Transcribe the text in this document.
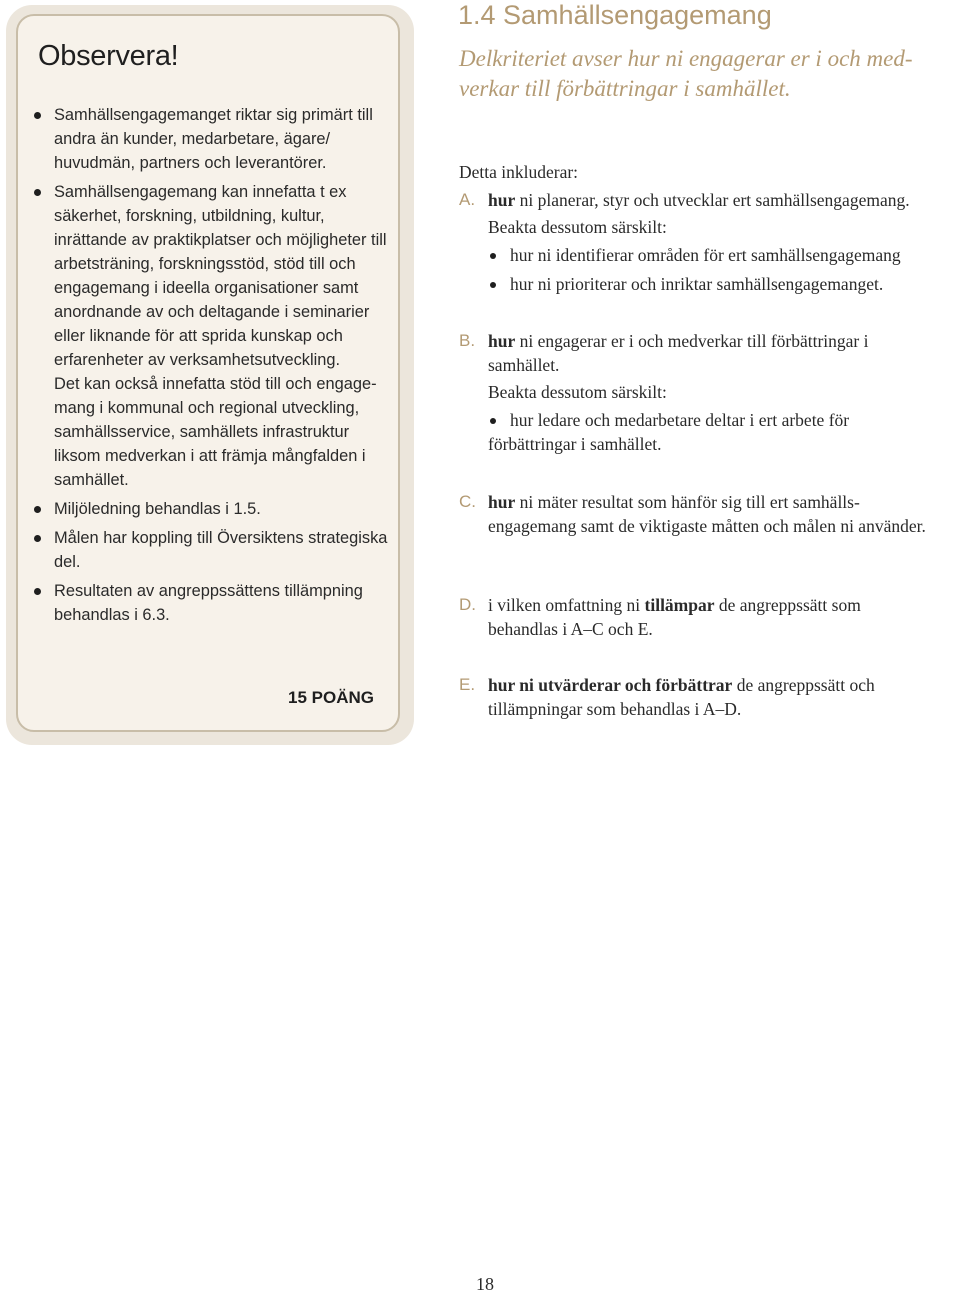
Observera!

Samhällsengagemanget riktar sig primärt till andra än kunder, medarbetare, ägare/ huvudmän, partners och leverantörer.

Samhällsengagemang kan innefatta t ex säkerhet, forskning, utbildning, kultur, inrättande av praktikplatser och möjligheter till arbetsträning, forskningsstöd, stöd till och engagemang i ideella organisationer samt anordnande av och deltagande i seminarier eller liknande för att sprida kunskap och erfarenheter av verksamhetsutveckling.

Det kan också innefatta stöd till och engage-mang i kommunal och regional utveckling, samhällsservice, samhällets infrastruktur liksom medverkan i att främja mångfalden i samhället.

Miljöledning behandlas i 1.5.

Målen har koppling till Översiktens strategiska del.

Resultaten av angreppssättens tillämpning behandlas i 6.3.

15 POÄNG

1.4 Samhällsengagemang

Delkriteriet avser hur ni engagerar er i och med-verkar till förbättringar i samhället.

Detta inkluderar:

A. hur ni planerar, styr och utvecklar ert samhällsengagemang.

Beakta dessutom särskilt:

hur ni identifierar områden för ert samhällsengagemang
hur ni prioriterar och inriktar samhällsengagemanget.
B. hur ni engagerar er i och medverkar till förbättringar i samhället.

Beakta dessutom särskilt:

hur ledare och medarbetare deltar i ert arbete för förbättringar i samhället.
C. hur ni mäter resultat som hänför sig till ert samhälls-engagemang samt de viktigaste måtten och målen ni använder.

D. i vilken omfattning ni tillämpar de angreppssätt som behandlas i A–C och E.

E. hur ni utvärderar och förbättrar de angreppssätt och tillämpningar som behandlas i A–D.

18
